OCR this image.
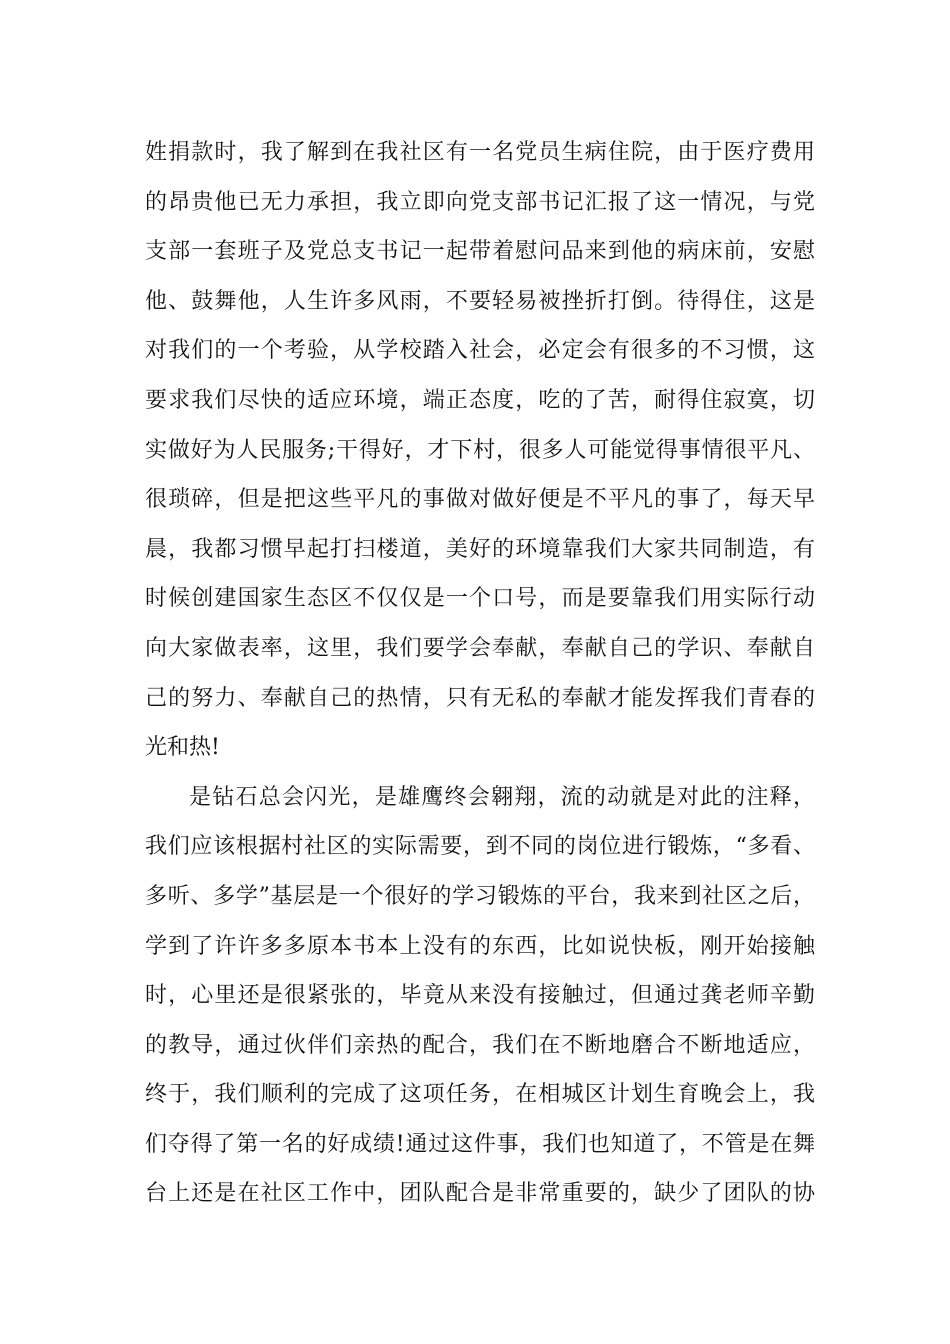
姓捐款时，我了解到在我社区有一名党员生病住院，由于医疗费用
的昂贵他已无力承担，我立即向党支部书记汇报了这一情况，与党
支部一套班子及党总支书记一起带着慰问品来到他的病床前，安慰
他、鼓舞他，人生许多风雨，不要轻易被挫折打倒。待得住，这是
对我们的一个考验，从学校踏入社会，必定会有很多的不习惯，这
要求我们尽快的适应环境，端正态度，吃的了苦，耐得住寂寞，切
实做好为人民服务;干得好，才下村，很多人可能觉得事情很平凡、
很琐碎，但是把这些平凡的事做对做好便是不平凡的事了，每天早
晨，我都习惯早起打扫楼道，美好的环境靠我们大家共同制造，有
时候创建国家生态区不仅仅是一个口号，而是要靠我们用实际行动
向大家做表率，这里，我们要学会奉献，奉献自己的学识、奉献自
己的努力、奉献自己的热情，只有无私的奉献才能发挥我们青春的
光和热!
是钻石总会闪光，是雄鹰终会翱翔，流的动就是对此的注释，
我们应该根据村社区的实际需要，到不同的岗位进行锻炼，“多看、
多听、多学”基层是一个很好的学习锻炼的平台，我来到社区之后，
学到了许许多多原本书本上没有的东西，比如说快板，刚开始接触
时，心里还是很紧张的，毕竟从来没有接触过，但通过龚老师辛勤
的教导，通过伙伴们亲热的配合，我们在不断地磨合不断地适应，
终于，我们顺利的完成了这项任务，在相城区计划生育晚会上，我
们夺得了第一名的好成绩!通过这件事，我们也知道了，不管是在舞
台上还是在社区工作中，团队配合是非常重要的，缺少了团队的协
